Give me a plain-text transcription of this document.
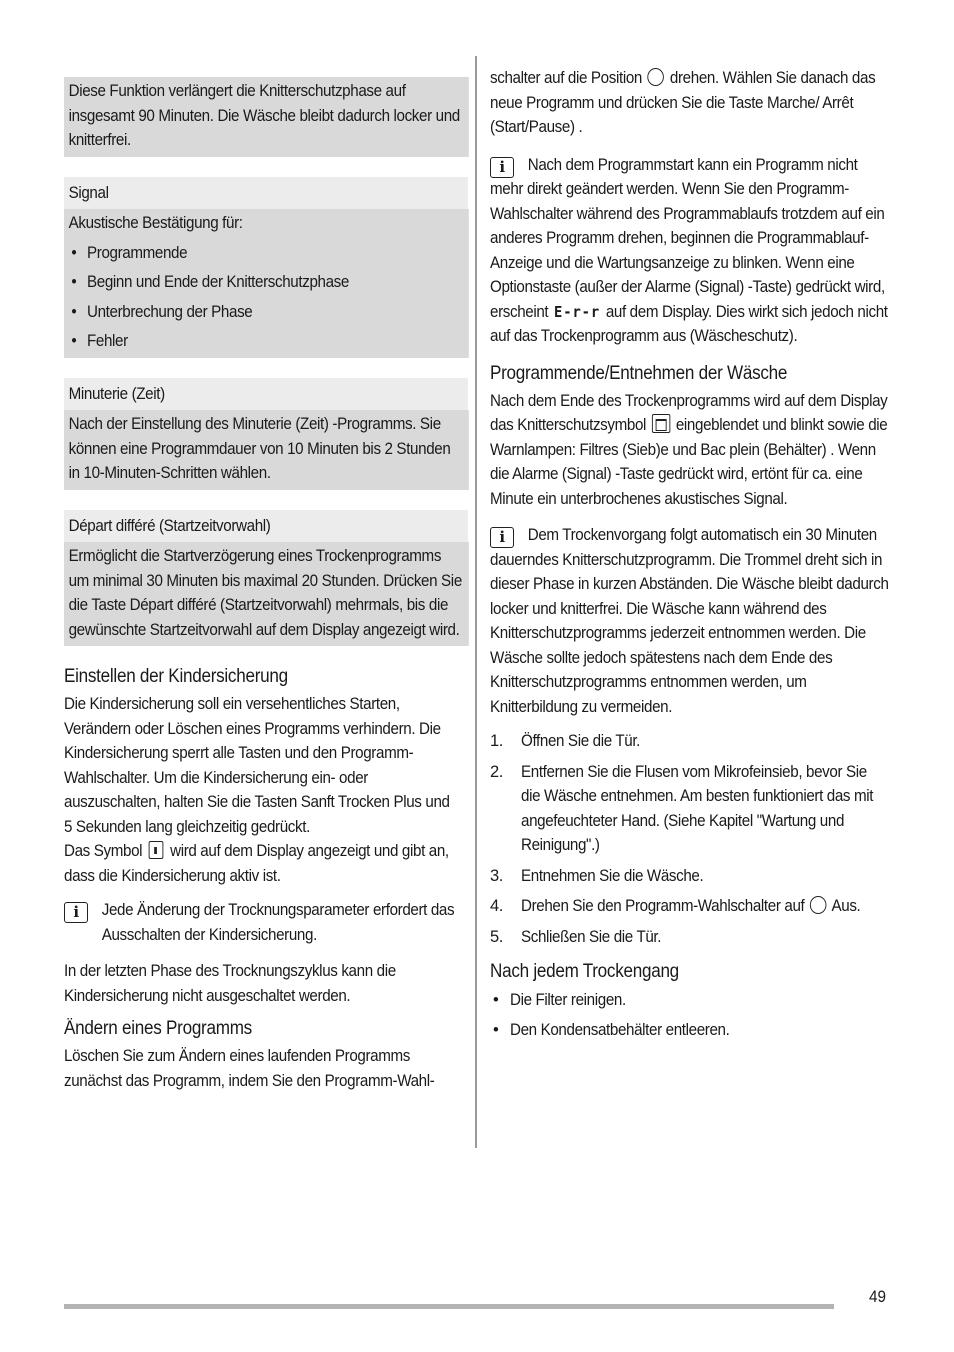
Diese Funktion verlängert die Knitterschutzphase auf insgesamt 90 Minuten. Die Wäsche bleibt dadurch locker und knitterfrei.

Signal

Akustische Bestätigung für:

• Programmende
• Beginn und Ende der Knitterschutzphase
• Unterbrechung der Phase
• Fehler

Minuterie (Zeit)

Nach der Einstellung des Minuterie (Zeit) -Programms. Sie können eine Programmdauer von 10 Minuten bis 2 Stunden in 10-Minuten-Schritten wählen.

Départ différé (Startzeitvorwahl)

Ermöglicht die Startverzögerung eines Trockenprogramms um minimal 30 Minuten bis maximal 20 Stunden. Drücken Sie die Taste Départ différé (Startzeitvorwahl) mehrmals, bis die gewünschte Startzeitvorwahl auf dem Display angezeigt wird.

Einstellen der Kindersicherung

Die Kindersicherung soll ein versehentliches Starten, Verändern oder Löschen eines Programms verhindern. Die Kindersicherung sperrt alle Tasten und den Programm-Wahlschalter. Um die Kindersicherung ein- oder auszuschalten, halten Sie die Tasten Sanft Trocken Plus und 5 Sekunden lang gleichzeitig gedrückt.

Das Symbol wird auf dem Display angezeigt und gibt an, dass die Kindersicherung aktiv ist.

i	Jede Änderung der Trocknungsparameter erfordert das Ausschalten der Kindersicherung.

In der letzten Phase des Trocknungszyklus kann die Kindersicherung nicht ausgeschaltet werden.

Ändern eines Programms

Löschen Sie zum Ändern eines laufenden Programms zunächst das Programm, indem Sie den Programm-Wahl-

schalter auf die Position drehen. Wählen Sie danach das neue Programm und drücken Sie die Taste Marche/ Arrêt (Start/Pause) .

i	Nach dem Programmstart kann ein Programm nicht mehr direkt geändert werden. Wenn Sie den Programm-Wahlschalter während des Programmablaufs trotzdem auf ein anderes Programm drehen, beginnen die Programmablauf-Anzeige und die Wartungsanzeige zu blinken. Wenn eine Optionstaste (außer der Alarme (Signal) -Taste) gedrückt wird, erscheint E-r-r auf dem Display. Dies wirkt sich jedoch nicht auf das Trockenprogramm aus (Wäscheschutz).

Programmende/Entnehmen der Wäsche

Nach dem Ende des Trockenprogramms wird auf dem Display das Knitterschutzsymbol eingeblendet und blinkt sowie die Warnlampen: Filtres (Sieb)e und Bac plein (Behälter) . Wenn die Alarme (Signal) -Taste gedrückt wird, ertönt für ca. eine Minute ein unterbrochenes akustisches Signal.

i	Dem Trockenvorgang folgt automatisch ein 30 Minuten dauerndes Knitterschutzprogramm. Die Trommel dreht sich in dieser Phase in kurzen Abständen. Die Wäsche bleibt dadurch locker und knitterfrei. Die Wäsche kann während des Knitterschutzprogramms jederzeit entnommen werden. Die Wäsche sollte jedoch spätestens nach dem Ende des Knitterschutzprogramms entnommen werden, um Knitterbildung zu vermeiden.

1. Öffnen Sie die Tür.
2. Entfernen Sie die Flusen vom Mikrofeinsieb, bevor Sie die Wäsche entnehmen. Am besten funktioniert das mit angefeuchteter Hand. (Siehe Kapitel "Wartung und Reinigung".)
3. Entnehmen Sie die Wäsche.
4. Drehen Sie den Programm-Wahlschalter auf Aus.
5. Schließen Sie die Tür.
Nach jedem Trockengang
• Die Filter reinigen.
• Den Kondensatbehälter entleeren.
49
